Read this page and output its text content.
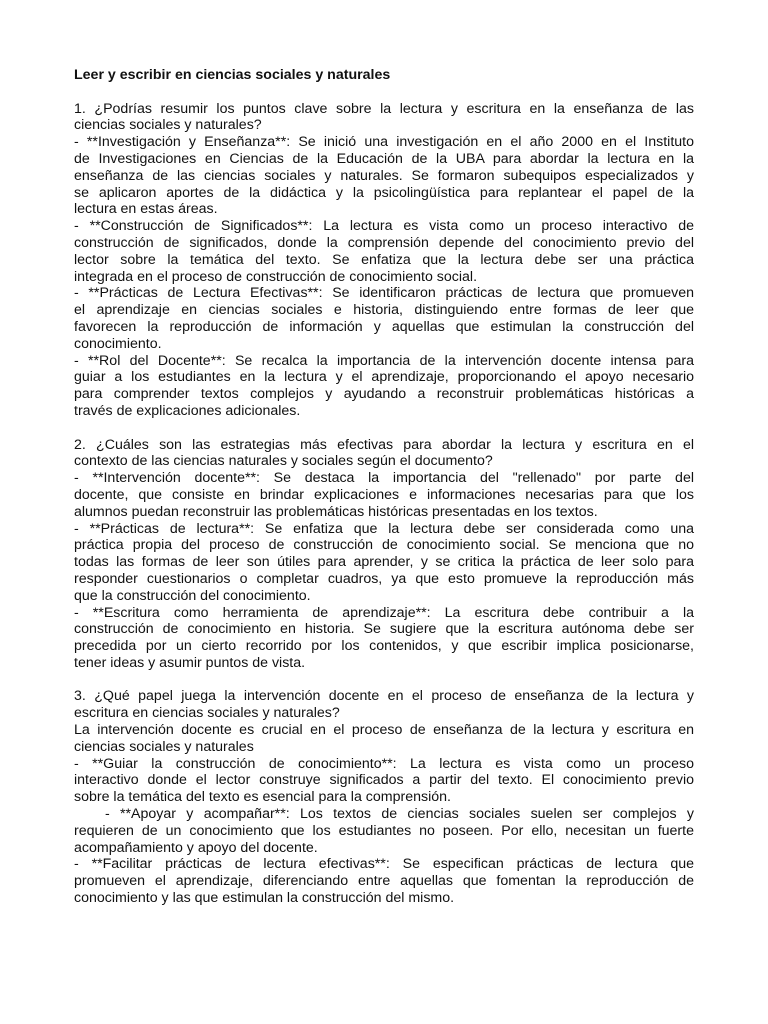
Leer y escribir en ciencias sociales y naturales
1. ¿Podrías resumir los puntos clave sobre la lectura y escritura en la enseñanza de las
ciencias sociales y naturales?
- **Investigación y Enseñanza**: Se inició una investigación en el año 2000 en el Instituto
de Investigaciones en Ciencias de la Educación de la UBA para abordar la lectura en la
enseñanza de las ciencias sociales y naturales. Se formaron subequipos especializados y
se aplicaron aportes de la didáctica y la psicolingüística para replantear el papel de la
lectura en estas áreas.
- **Construcción de Significados**: La lectura es vista como un proceso interactivo de
construcción de significados, donde la comprensión depende del conocimiento previo del
lector sobre la temática del texto. Se enfatiza que la lectura debe ser una práctica
integrada en el proceso de construcción de conocimiento social.
- **Prácticas de Lectura Efectivas**: Se identificaron prácticas de lectura que promueven
el aprendizaje en ciencias sociales e historia, distinguiendo entre formas de leer que
favorecen la reproducción de información y aquellas que estimulan la construcción del
conocimiento.
- **Rol del Docente**: Se recalca la importancia de la intervención docente intensa para
guiar a los estudiantes en la lectura y el aprendizaje, proporcionando el apoyo necesario
para comprender textos complejos y ayudando a reconstruir problemáticas históricas a
través de explicaciones adicionales.
2. ¿Cuáles son las estrategias más efectivas para abordar la lectura y escritura en el
contexto de las ciencias naturales y sociales según el documento?
- **Intervención docente**: Se destaca la importancia del "rellenado" por parte del
docente, que consiste en brindar explicaciones e informaciones necesarias para que los
alumnos puedan reconstruir las problemáticas históricas presentadas en los textos.
- **Prácticas de lectura**: Se enfatiza que la lectura debe ser considerada como una
práctica propia del proceso de construcción de conocimiento social. Se menciona que no
todas las formas de leer son útiles para aprender, y se critica la práctica de leer solo para
responder cuestionarios o completar cuadros, ya que esto promueve la reproducción más
que la construcción del conocimiento.
- **Escritura como herramienta de aprendizaje**: La escritura debe contribuir a la
construcción de conocimiento en historia. Se sugiere que la escritura autónoma debe ser
precedida por un cierto recorrido por los contenidos, y que escribir implica posicionarse,
tener ideas y asumir puntos de vista.
3. ¿Qué papel juega la intervención docente en el proceso de enseñanza de la lectura y
escritura en ciencias sociales y naturales?
La intervención docente es crucial en el proceso de enseñanza de la lectura y escritura en
ciencias sociales y naturales
- **Guiar la construcción de conocimiento**: La lectura es vista como un proceso
interactivo donde el lector construye significados a partir del texto. El conocimiento previo
sobre la temática del texto es esencial para la comprensión.
- **Apoyar y acompañar**: Los textos de ciencias sociales suelen ser complejos y
requieren de un conocimiento que los estudiantes no poseen. Por ello, necesitan un fuerte
acompañamiento y apoyo del docente.
- **Facilitar prácticas de lectura efectivas**: Se especifican prácticas de lectura que
promueven el aprendizaje, diferenciando entre aquellas que fomentan la reproducción de
conocimiento y las que estimulan la construcción del mismo.
